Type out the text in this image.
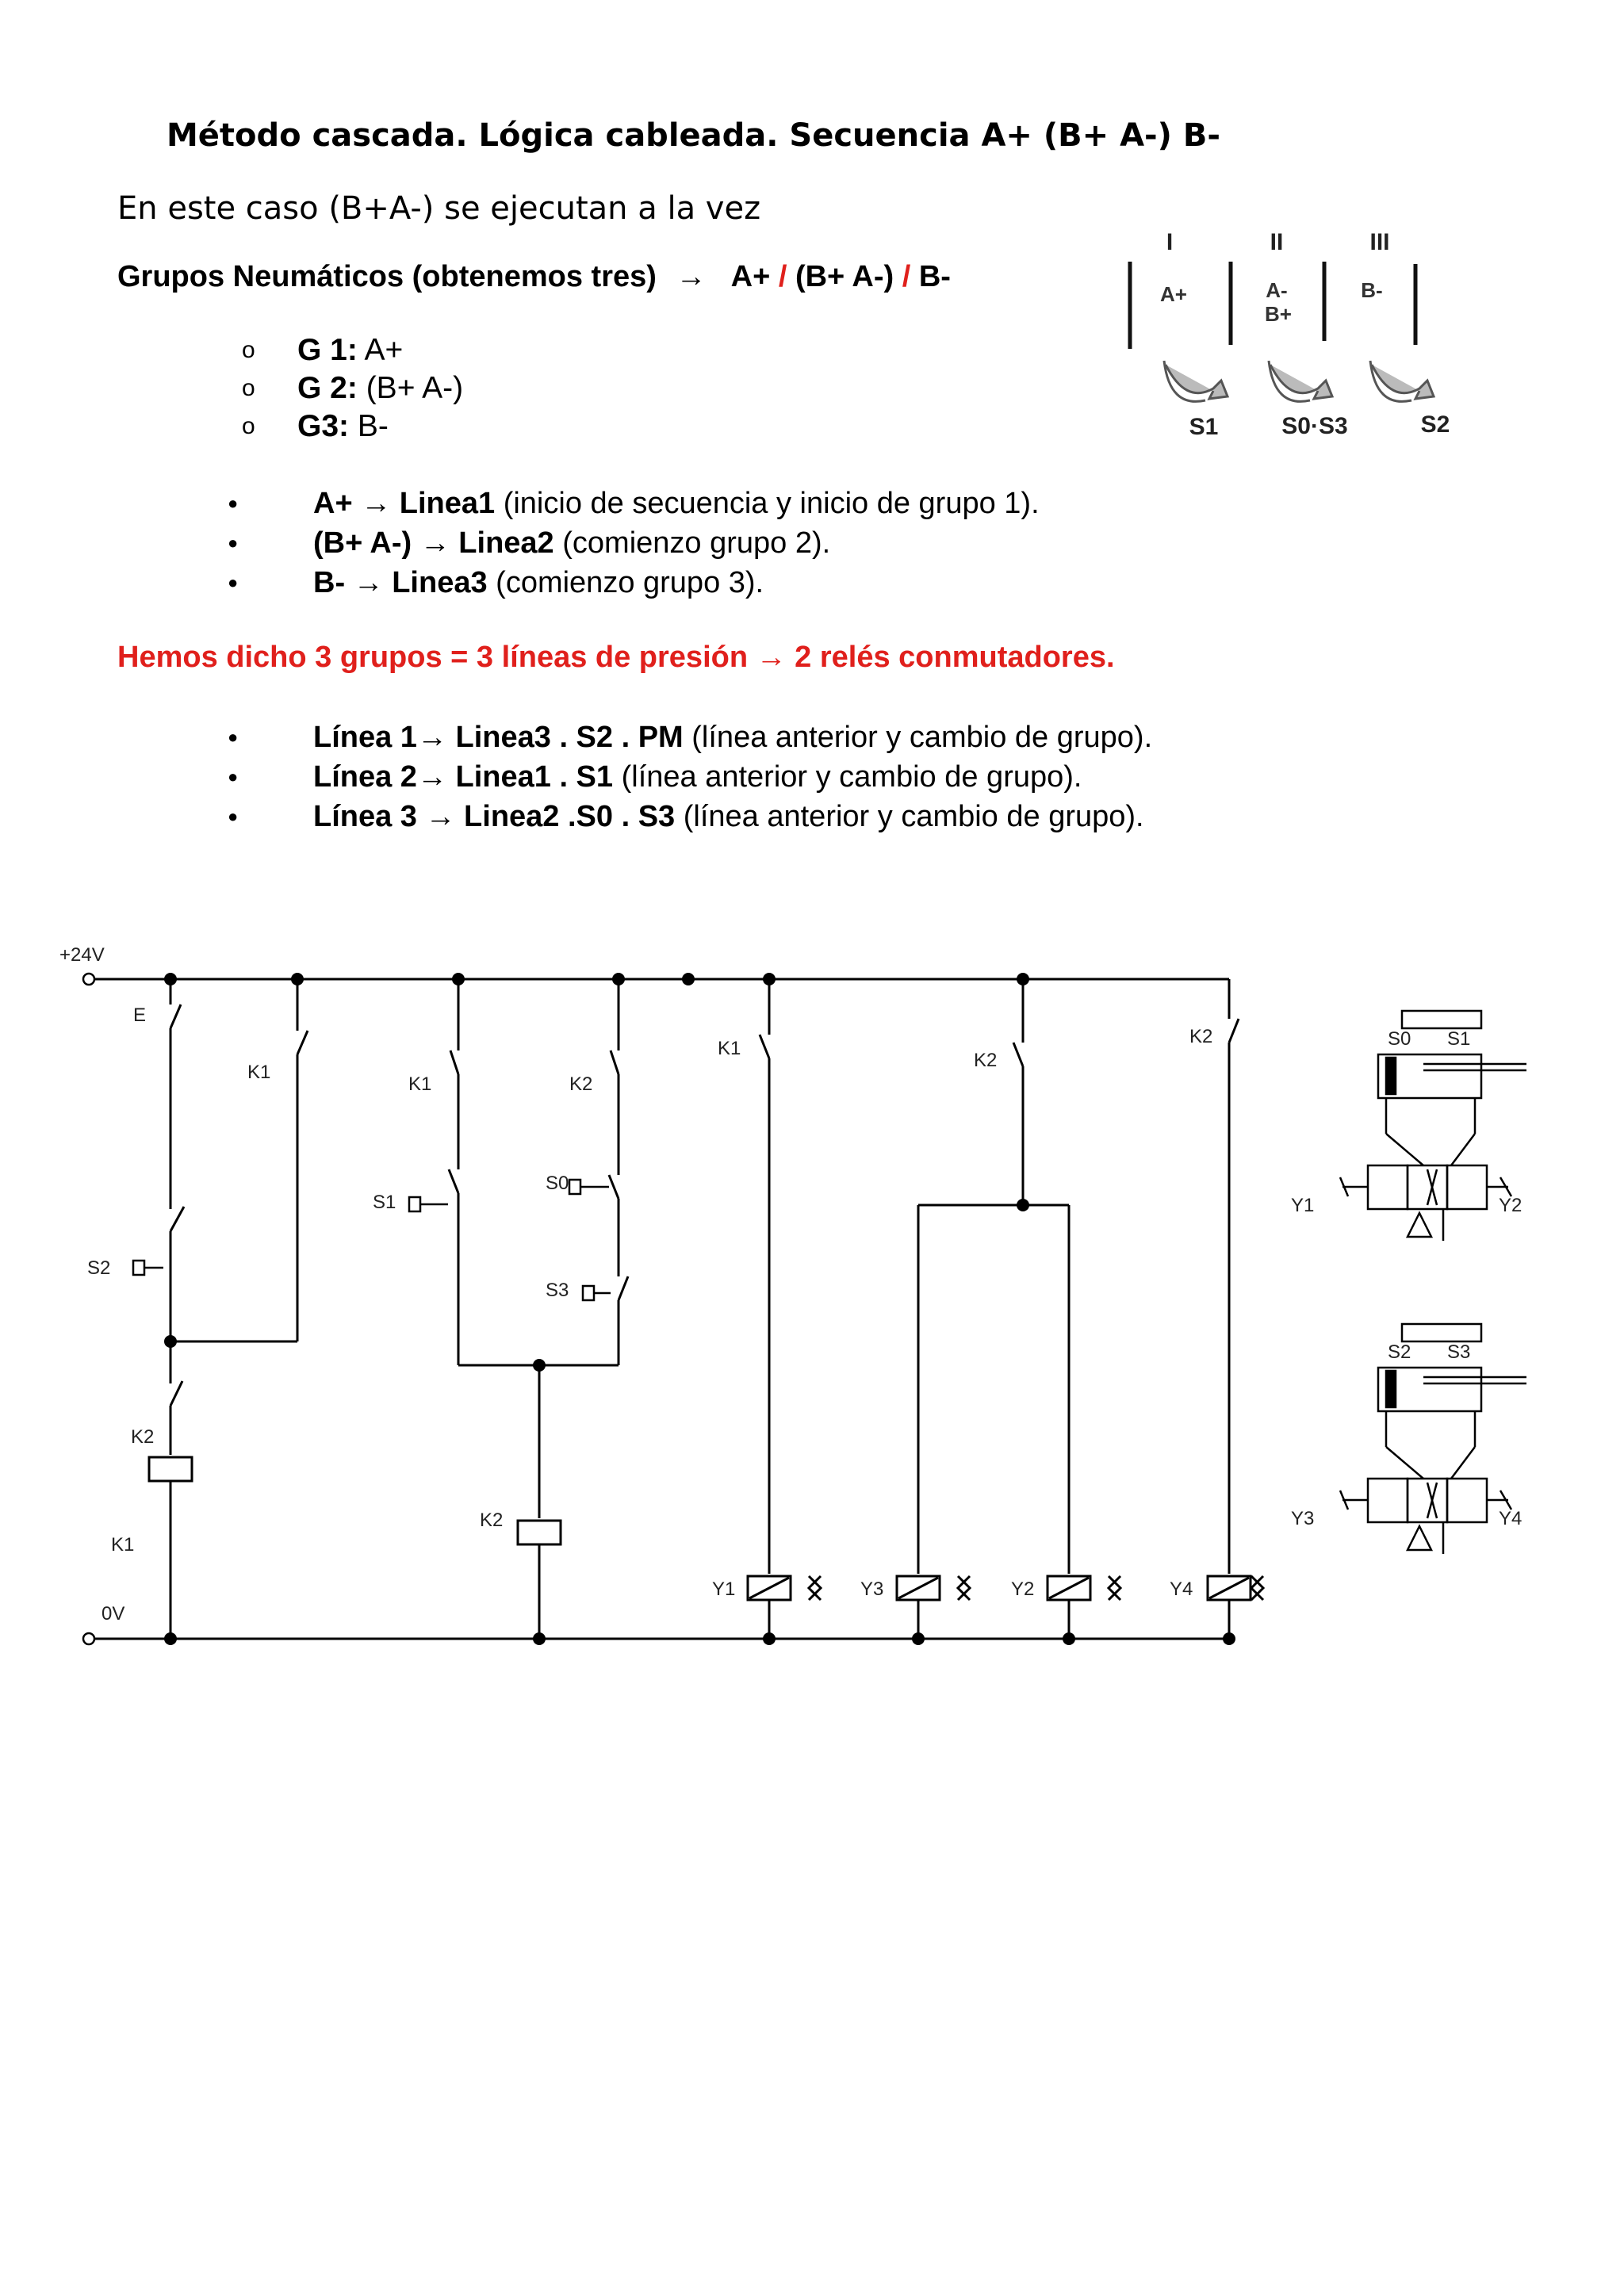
Método cascada. Lógica cableada. Secuencia A+ (B+ A-) B-
En este caso (B+A-) se ejecutan a la vez
Grupos Neumáticos (obtenemos tres) → A+ / (B+ A-) / B-
o	G 1: A+
o	G 2: (B+ A-)
o	G3: B-
●	A+ → Linea1 (inicio de secuencia y inicio de grupo 1).
●	(B+ A-) → Linea2 (comienzo grupo 2).
●	B- → Linea3 (comienzo grupo 3).
Hemos dicho 3 grupos = 3 líneas de presión → 2 relés conmutadores.
●	Línea 1→ Linea3 . S2 . PM (línea anterior y cambio de grupo).
●	Línea 2→ Linea1 . S1 (línea anterior y cambio de grupo).
●	Línea 3 → Linea2 .S0 . S3 (línea anterior y cambio de grupo).
I	II	III
A+	A-
B+
B-
S1	S0·S3	S2
+24V
0V
E
S2
K2
K1
K1
K1
S1
K2
K2
S0
S3
K1
K2
K2
Y1	Y3	Y2	Y4
S0 S1
Y1	Y2
S2 S3
Y3	Y4
